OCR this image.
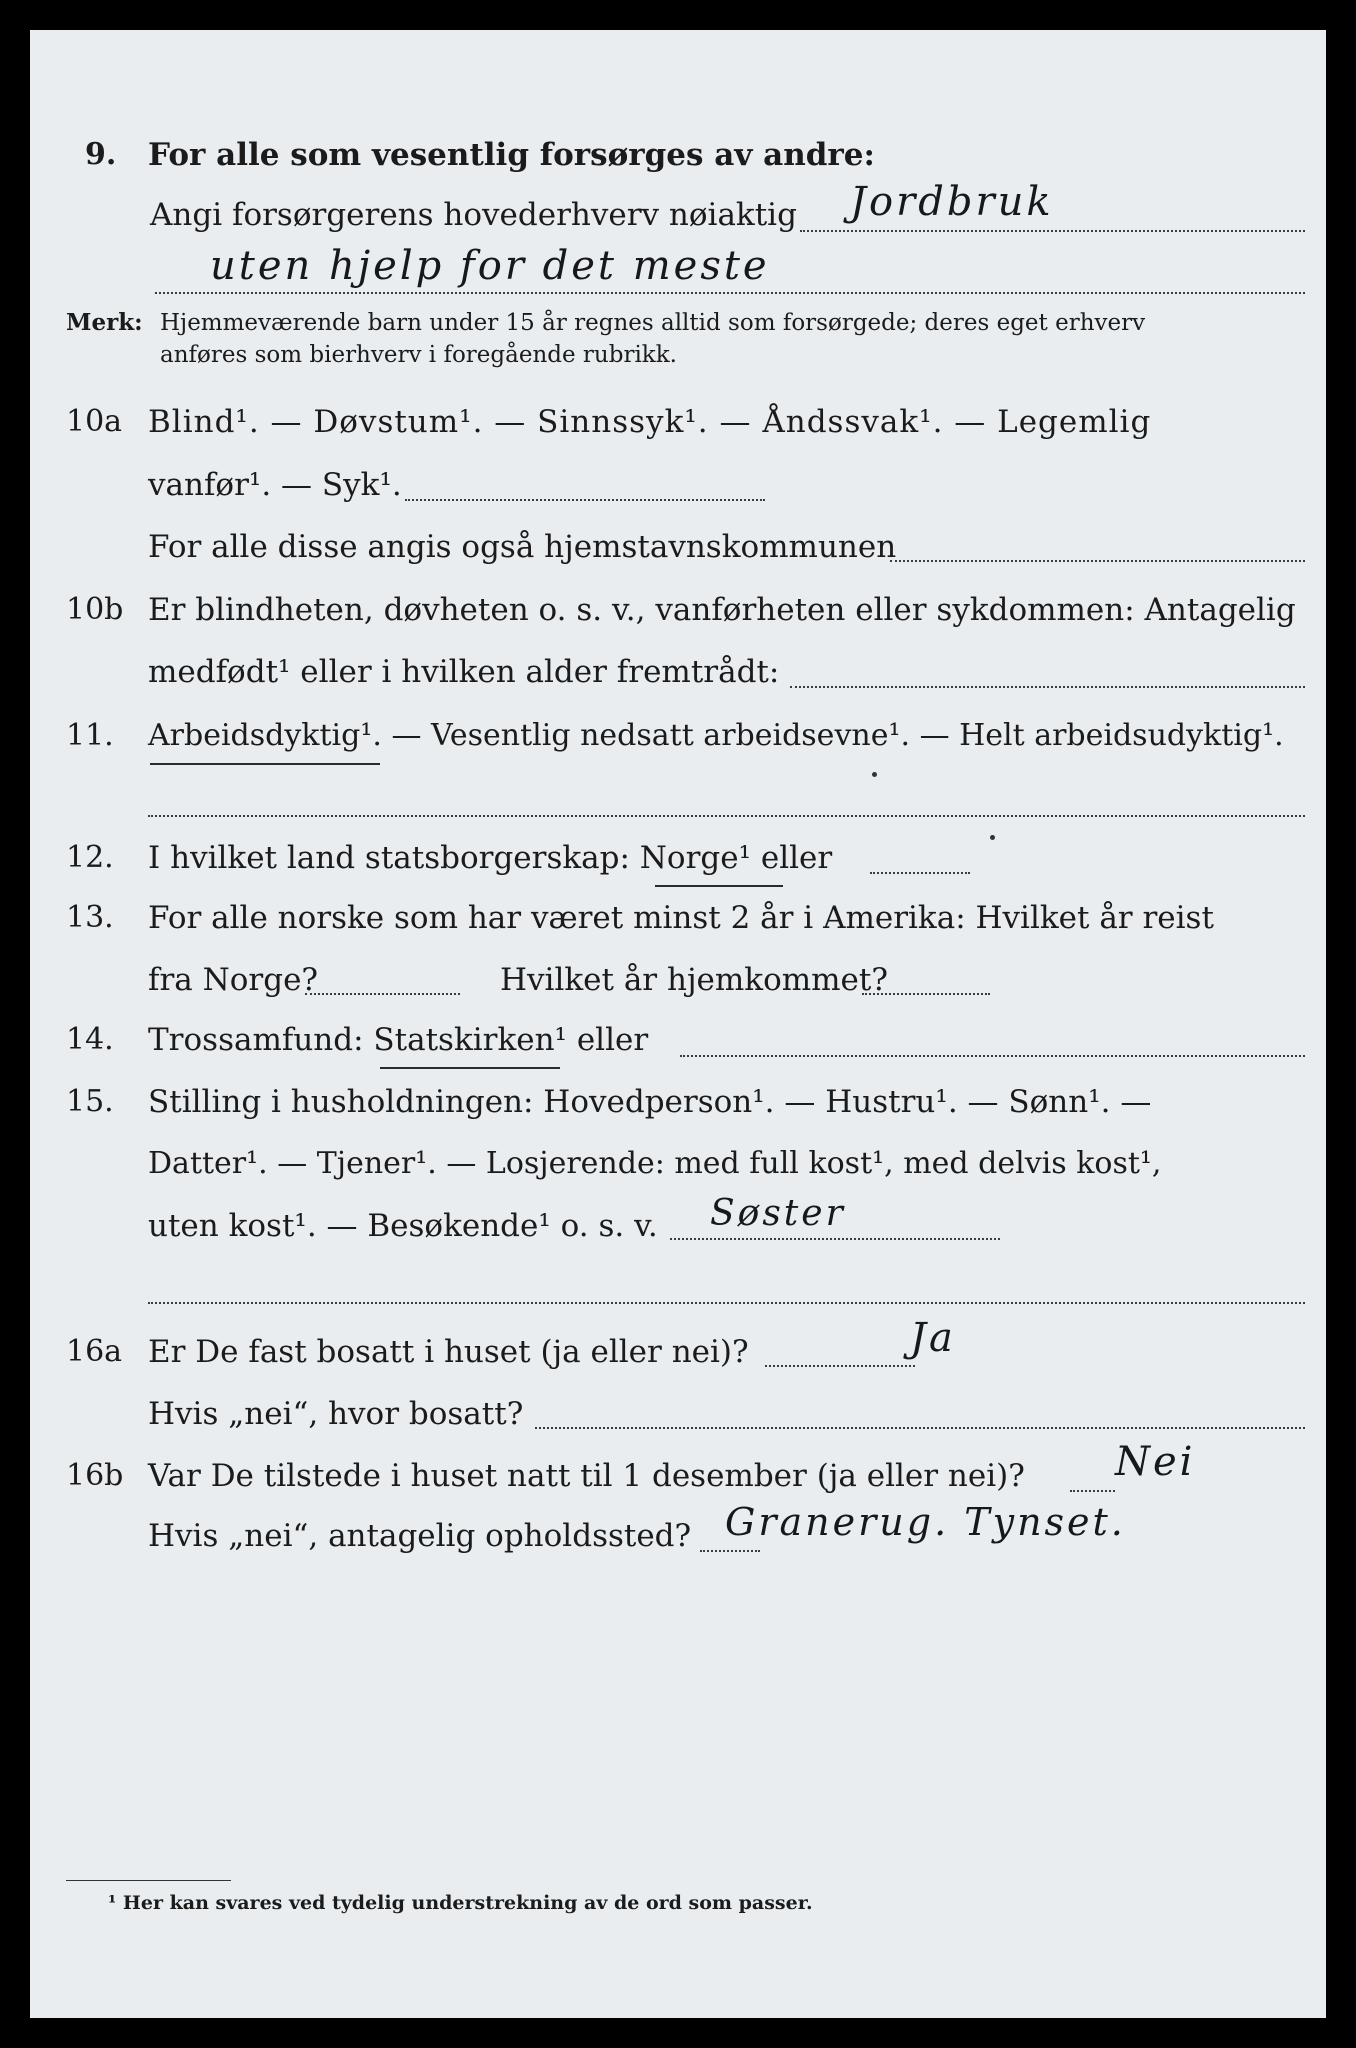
9. For alle som vesentlig forsørges av andre:
Angi forsørgerens hovederhverv nøiaktig Jordbruk
uten hjelp for det meste
Merk: Hjemmeværende barn under 15 år regnes alltid som forsørgede; deres eget erhverv
anføres som bierhverv i foregående rubrikk.
10a Blind¹. — Døvstum¹. — Sinnssyk¹. — Åndssvak¹. — Legemlig
vanfør¹. — Syk¹.
For alle disse angis også hjemstavnskommunen
10b Er blindheten, døvheten o. s. v., vanførheten eller sykdommen: Antagelig
medfødt¹ eller i hvilken alder fremtrådt:
11. Arbeidsdyktig¹. — Vesentlig nedsatt arbeidsevne¹. — Helt arbeidsudyktig¹.
12. I hvilket land statsborgerskap: Norge¹ eller
13. For alle norske som har været minst 2 år i Amerika: Hvilket år reist
fra Norge?	Hvilket år hjemkommet?
14. Trossamfund: Statskirken¹ eller
15. Stilling i husholdningen: Hovedperson¹. — Hustru¹. — Sønn¹. —
Datter¹. — Tjener¹. — Losjerende: med full kost¹, med delvis kost¹,
uten kost¹. — Besøkende¹ o. s. v. Søster
16a Er De fast bosatt i huset (ja eller nei)?	Ja
Hvis „nei“, hvor bosatt?
16b Var De tilstede i huset natt til 1 desember (ja eller nei)? Nei
Hvis „nei“, antagelig opholdssted? Granerug. Tynset.
¹ Her kan svares ved tydelig understrekning av de ord som passer.
